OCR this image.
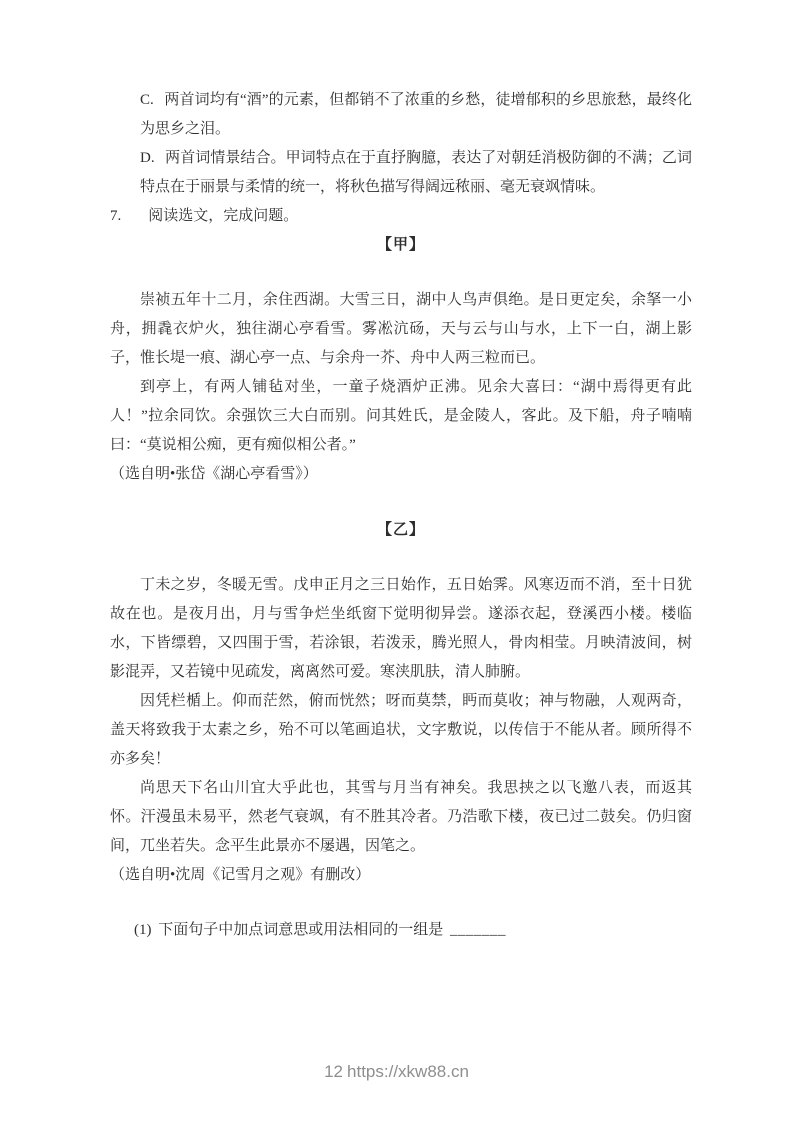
C. 两首词均有“酒”的元素，但都销不了浓重的乡愁，徒增郁积的乡思旅愁，最终化为思乡之泪。

D. 两首词情景结合。甲词特点在于直抒胸臆，表达了对朝廷消极防御的不满；乙词特点在于丽景与柔情的统一，将秋色描写得阔远秾丽、毫无衰飒情味。

7. 阅读选文，完成问题。

【甲】

崇祯五年十二月，余住西湖。大雪三日，湖中人鸟声俱绝。是日更定矣，余拏一小舟，拥毳衣炉火，独往湖心亭看雪。雾凇沆砀，天与云与山与水，上下一白，湖上影子，惟长堤一痕、湖心亭一点、与余舟一芥、舟中人两三粒而已。

到亭上，有两人铺毡对坐，一童子烧酒炉正沸。见余大喜曰：“湖中焉得更有此人！”拉余同饮。余强饮三大白而别。问其姓氏，是金陵人，客此。及下船，舟子喃喃曰：“莫说相公痴，更有痴似相公者。”

（选自明•张岱《湖心亭看雪》）

【乙】

丁未之岁，冬暖无雪。戊申正月之三日始作，五日始霁。风寒迈而不消，至十日犹故在也。是夜月出，月与雪争烂坐纸窗下觉明彻异尝。遂添衣起，登溪西小楼。楼临水，下皆缥碧，又四围于雪，若涂银，若泼汞，腾光照人，骨肉相莹。月映清波间，树影混弄，又若镜中见疏发，离离然可爱。寒浃肌肤，清人肺腑。

因凭栏楯上。仰而茫然，俯而恍然；呀而莫禁，眄而莫收；神与物融，人观两奇，盖天将致我于太素之乡，殆不可以笔画追状，文字敷说，以传信于不能从者。顾所得不亦多矣！

尚思天下名山川宜大乎此也，其雪与月当有神矣。我思挟之以飞邀八表，而返其怀。汗漫虽未易平，然老气衰飒，有不胜其冷者。乃浩歌下楼，夜已过二鼓矣。仍归窗间，兀坐若失。念平生此景亦不屡遇，因笔之。

（选自明•沈周《记雪月之观》有删改）

(1) 下面句子中加点词意思或用法相同的一组是 _______

12 https://xkw88.cn
